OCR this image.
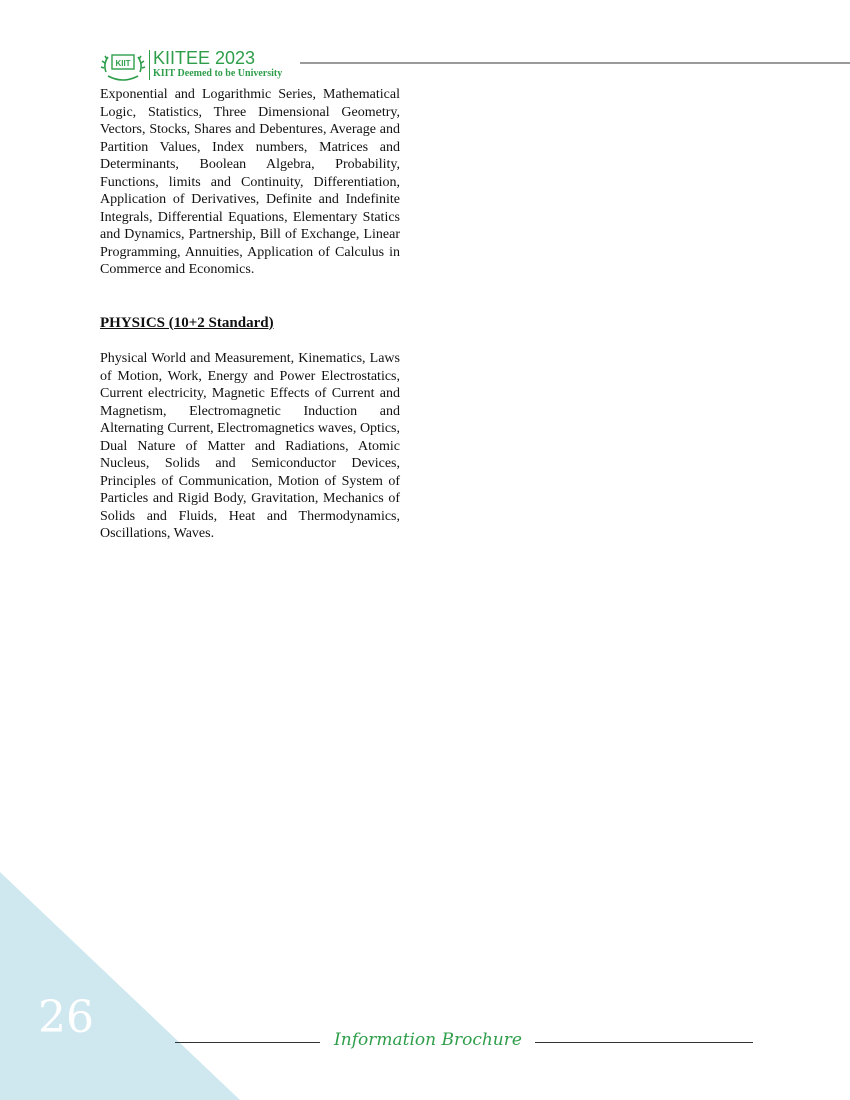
KIIT KIITEE 2023
KIIT Deemed to be University

Exponential and Logarithmic Series, Mathematical Logic, Statistics, Three Dimensional Geometry, Vectors, Stocks, Shares and Debentures, Average and Partition Values, Index numbers, Matrices and Determinants, Boolean Algebra, Probability, Functions, limits and Continuity, Differentiation, Application of Derivatives, Definite and Indefinite Integrals, Differential Equations, Elementary Statics and Dynamics, Partnership, Bill of Exchange, Linear Programming, Annuities, Application of Calculus in Commerce and Economics.

PHYSICS (10+2 Standard)

Physical World and Measurement, Kinematics, Laws of Motion, Work, Energy and Power Electrostatics, Current electricity, Magnetic Effects of Current and Magnetism, Electromagnetic Induction and Alternating Current, Electromagnetics waves, Optics, Dual Nature of Matter and Radiations, Atomic Nucleus, Solids and Semiconductor Devices, Principles of Communication, Motion of System of Particles and Rigid Body, Gravitation, Mechanics of Solids and Fluids, Heat and Thermodynamics, Oscillations, Waves.

26	Information Brochure
